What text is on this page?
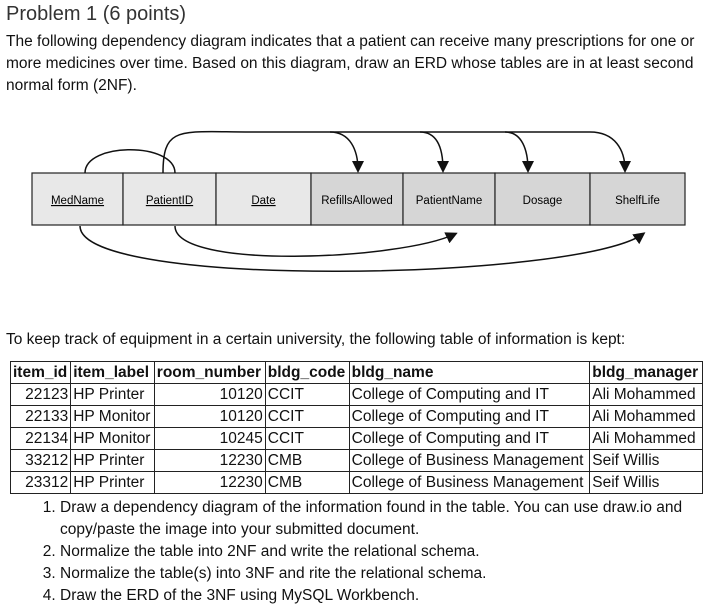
Problem 1 (6 points)
The following dependency diagram indicates that a patient can receive many prescriptions for one or more medicines over time. Based on this diagram, draw an ERD whose tables are in at least second normal form (2NF).
MedName	PatientID	Date	RefillsAllowed PatientName	Dosage	ShelfLife
To keep track of equipment in a certain university, the following table of information is kept:
item_id	item_label	room_number	bldg_code	bldg_name	bldg_manager
22123	HP Printer	10120	CCIT	College of Computing and IT	Ali Mohammed
22133	HP Monitor	10120	CCIT	College of Computing and IT	Ali Mohammed
22134	HP Monitor	10245	CCIT	College of Computing and IT	Ali Mohammed
33212	HP Printer	12230	CMB	College of Business Management	Seif Willis
23312	HP Printer	12230	CMB	College of Business Management	Seif Willis
1. Draw a dependency diagram of the information found in the table. You can use draw.io and copy/paste the image into your submitted document.
2. Normalize the table into 2NF and write the relational schema.
3. Normalize the table(s) into 3NF and rite the relational schema.
4. Draw the ERD of the 3NF using MySQL Workbench.
